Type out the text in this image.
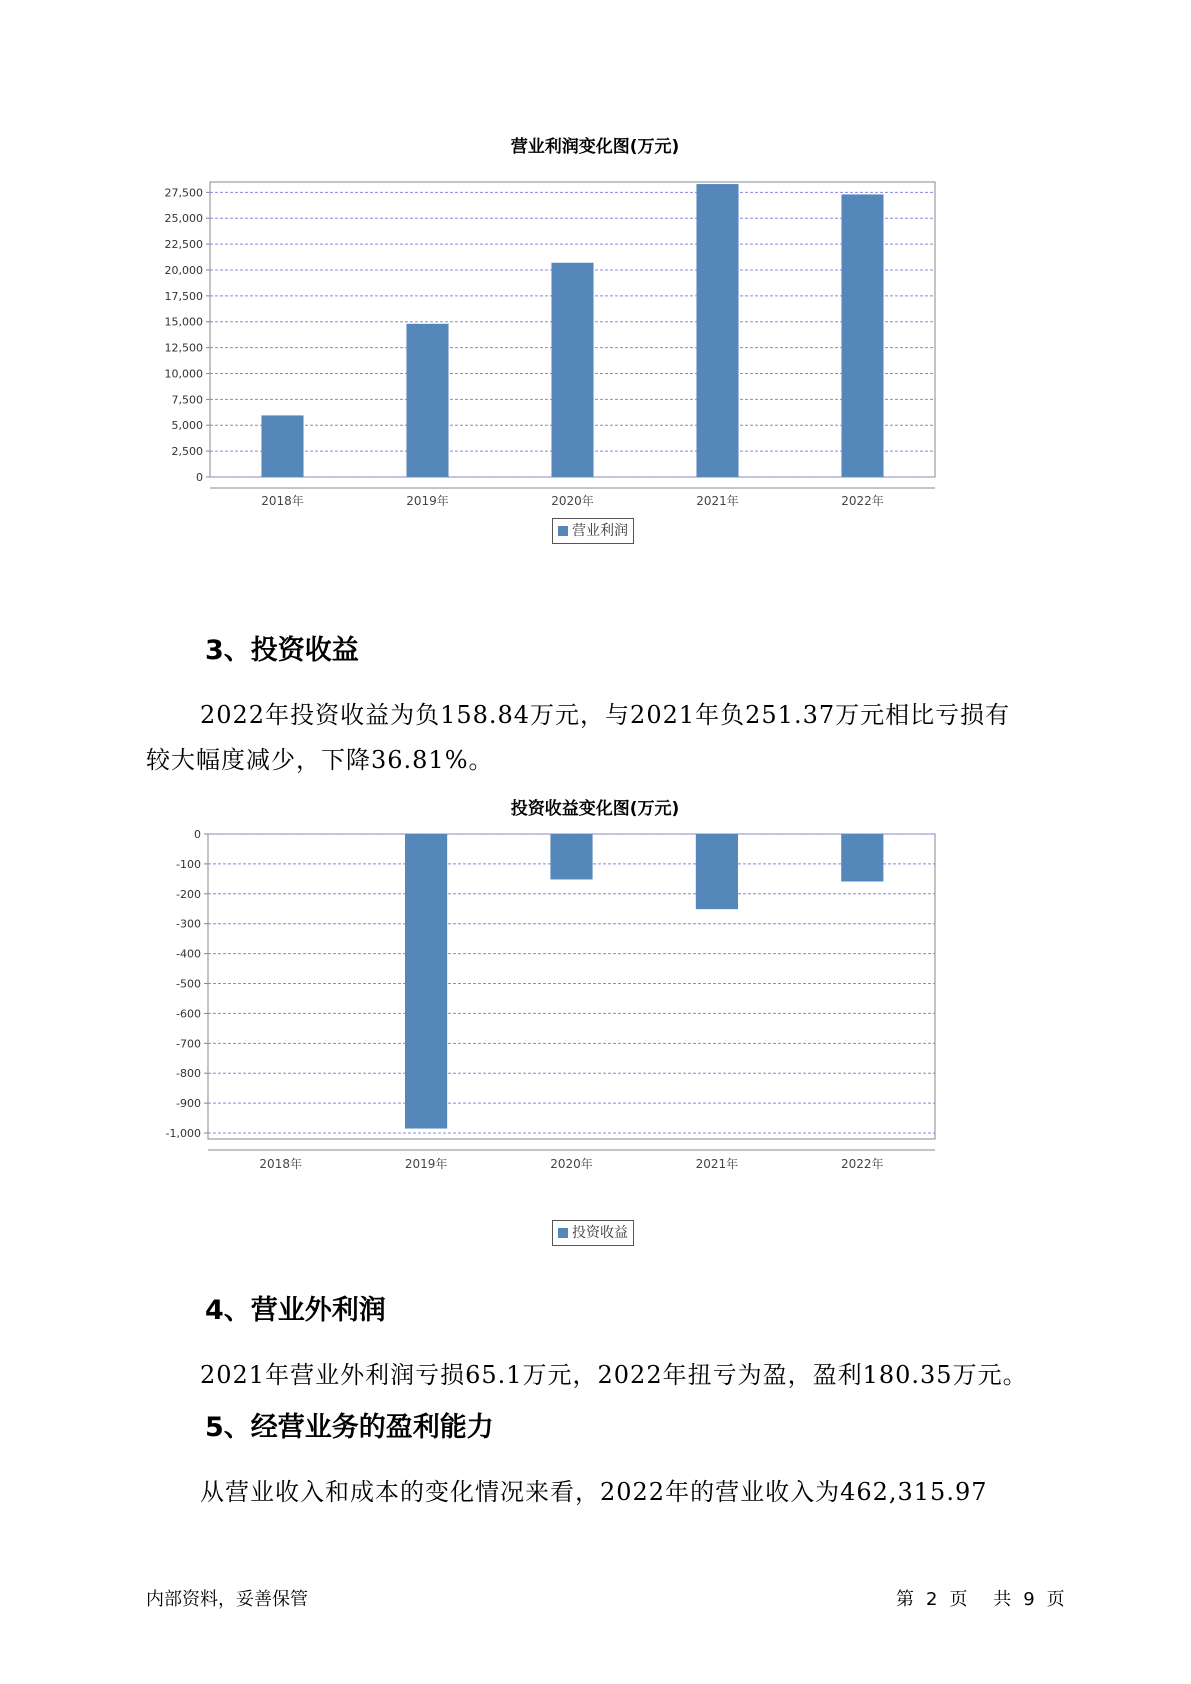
营业利润变化图(万元)
0
2,500
5,000
7,500
10,000
12,500
15,000
17,500
20,000
22,500
25,000
27,500
2018年	2019年	2020年	2021年	2022年
营业利润
3、投资收益
2022年投资收益为负158.84万元，与2021年负251.37万元相比亏损有
较大幅度减少，下降36.81%。
投资收益变化图(万元)
0
-100
-200
-300
-400
-500
-600
-700
-800
-900
-1,000
2018年	2019年	2020年	2021年	2022年
投资收益
4、营业外利润
2021年营业外利润亏损65.1万元，2022年扭亏为盈，盈利180.35万元。
5、经营业务的盈利能力
从营业收入和成本的变化情况来看，2022年的营业收入为462,315.97
内部资料，妥善保管	第 2 页 共 9 页
